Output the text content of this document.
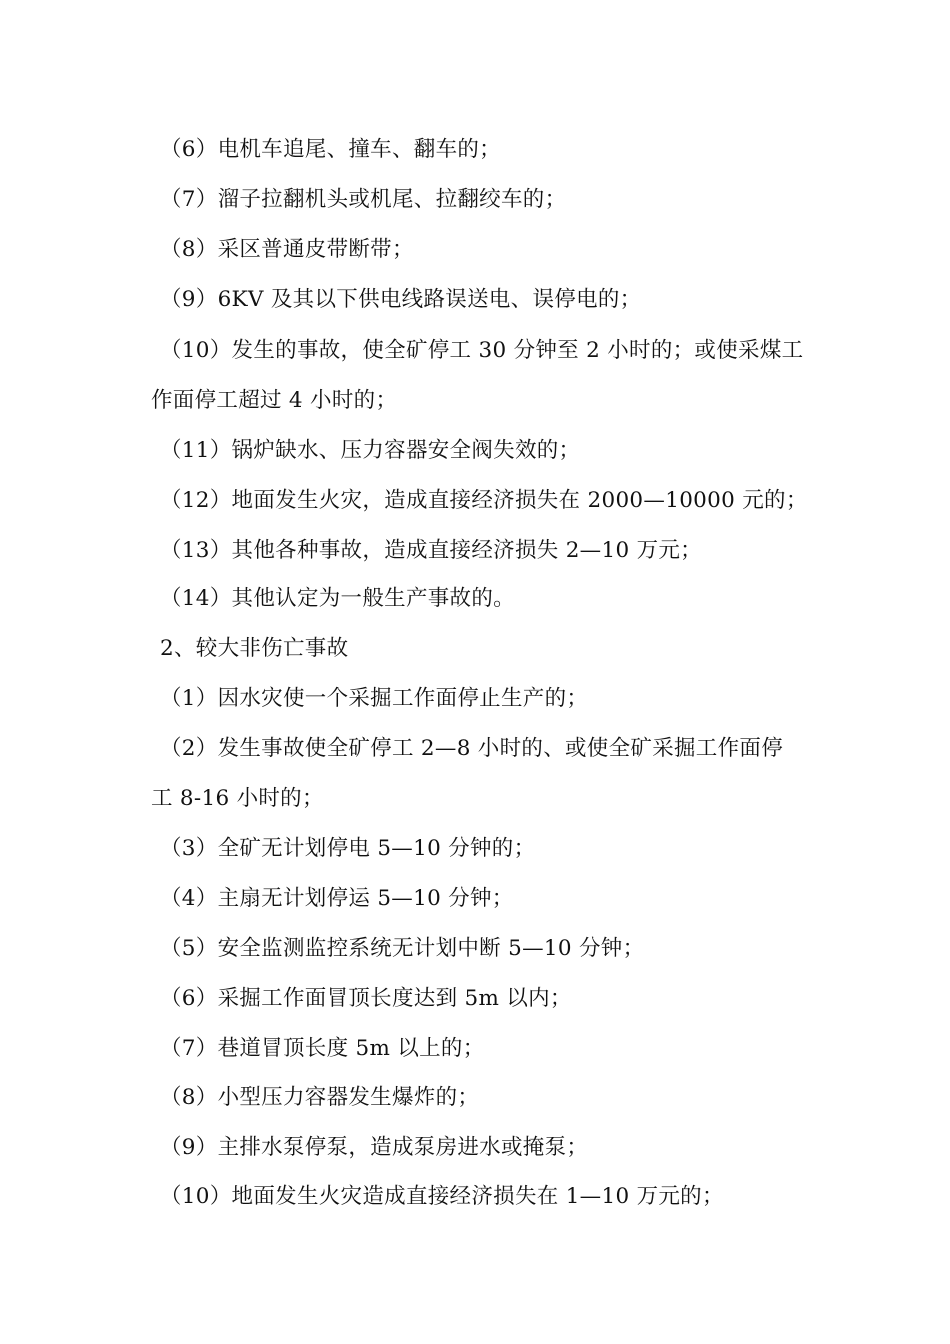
（6）电机车追尾、撞车、翻车的；
（7）溜子拉翻机头或机尾、拉翻绞车的；
（8）采区普通皮带断带；
（9）6KV 及其以下供电线路误送电、误停电的；
（10）发生的事故，使全矿停工 30 分钟至 2 小时的；或使采煤工
作面停工超过 4 小时的；
（11）锅炉缺水、压力容器安全阀失效的；
（12）地面发生火灾，造成直接经济损失在 2000—10000 元的；
（13）其他各种事故，造成直接经济损失 2—10 万元；
（14）其他认定为一般生产事故的。
2、较大非伤亡事故
（1）因水灾使一个采掘工作面停止生产的；
（2）发生事故使全矿停工 2—8 小时的、或使全矿采掘工作面停
工 8-16 小时的；
（3）全矿无计划停电 5—10 分钟的；
（4）主扇无计划停运 5—10 分钟；
（5）安全监测监控系统无计划中断 5—10 分钟；
（6）采掘工作面冒顶长度达到 5m 以内；
（7）巷道冒顶长度 5m 以上的；
（8）小型压力容器发生爆炸的；
（9）主排水泵停泵，造成泵房进水或掩泵；
（10）地面发生火灾造成直接经济损失在 1—10 万元的；
